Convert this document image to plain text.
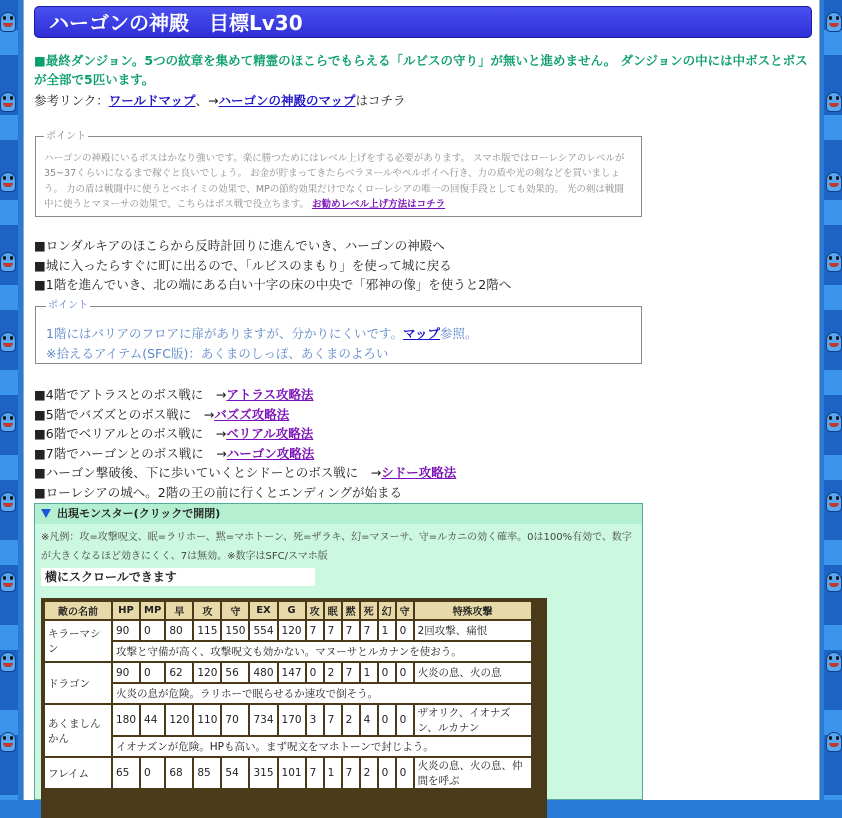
ハーゴンの神殿　目標Lv30
■最終ダンジョン。5つの紋章を集めて精霊のほこらでもらえる「ルビスの守り」が無いと進めません。 ダンジョンの中には中ボスとボスが全部で5匹います。
参考リンク：ワールドマップ、→ハーゴンの神殿のマップはコチラ
ポイント
ハーゴンの神殿にいるボスはかなり強いです。楽に勝つためにはレベル上げをする必要があります。 スマホ版ではローレシアのレベルが35~37くらいになるまで稼ぐと良いでしょう。 お金が貯まってきたらベラヌールやペルポイへ行き、力の盾や光の剣などを買いましょう。 力の盾は戦闘中に使うとベホイミの効果で、MPの節約効果だけでなくローレシアの唯一の回復手段としても効果的。 光の剣は戦闘中に使うとマヌーサの効果で、こちらはボス戦で役立ちます。 お勧めレベル上げ方法はコチラ
■ロンダルキアのほこらから反時計回りに進んでいき、ハーゴンの神殿へ
■城に入ったらすぐに町に出るので、「ルビスのまもり」を使って城に戻る
■1階を進んでいき、北の端にある白い十字の床の中央で「邪神の像」を使うと2階へ
ポイント
1階にはバリアのフロアに扉がありますが、分かりにくいです。マップ参照。
※拾えるアイテム(SFC版)：あくまのしっぽ、あくまのよろい
■4階でアトラスとのボス戦に　→アトラス攻略法
■5階でバズズとのボス戦に　→バズズ攻略法
■6階でベリアルとのボス戦に　→ベリアル攻略法
■7階でハーゴンとのボス戦に　→ハーゴン攻略法
■ハーゴン撃破後、下に歩いていくとシドーとのボス戦に　→シドー攻略法
■ローレシアの城へ。2階の王の前に行くとエンディングが始まる
出現モンスター(クリックで開閉)
※凡例：攻=攻撃呪文、眠=ラリホー、黙=マホトーン、死=ザラキ、幻=マヌーサ、守=ルカニの効く確率。0は100%有効で、数字が大きくなるほど効きにくく、7は無効。※数字はSFC/スマホ版
横にスクロールできます
敵の名前	HP	MP	早	攻	守	EX	G	攻	眠	黙	死	幻	守	特殊攻撃
キラーマシン	90	0	80	115	150	554	120	7	7	7	7	1	0	2回攻撃、痛恨
	攻撃と守備が高く、攻撃呪文も効かない。マヌーサとルカナンを使おう。													
ドラゴン	90	0	62	120	56	480	147	0	2	7	1	0	0	火炎の息、火の息
	火炎の息が危険。ラリホーで眠らせるか速攻で倒そう。													
あくましんかん	180	44	120	110	70	734	170	3	7	2	4	0	0	ザオリク、イオナズン、ルカナン
	イオナズンが危険。HPも高い。まず呪文をマホトーンで封じよう。													
フレイム	65	0	68	85	54	315	101	7	1	7	2	0	0	火炎の息、火の息、仲間を呼ぶ
